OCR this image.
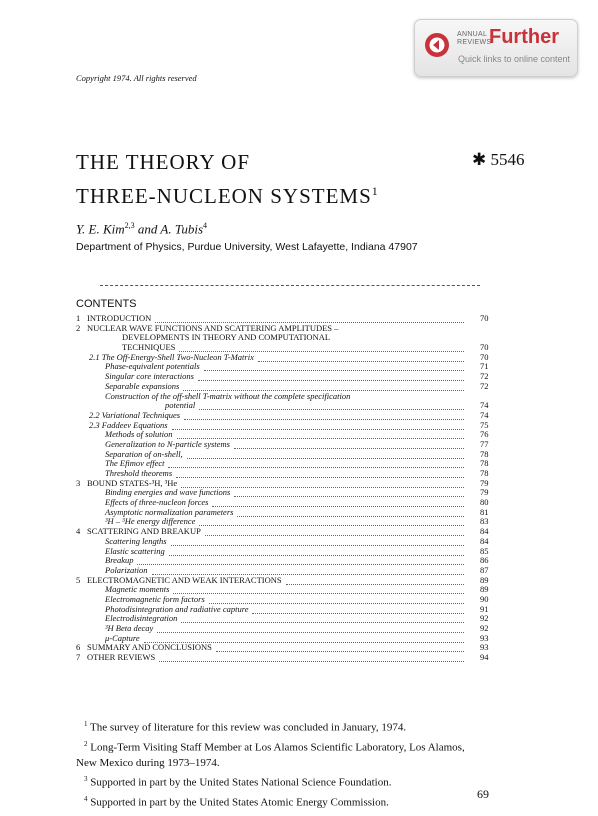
ANNUAL
REVIEWS
Further
Quick links to online content
Copyright 1974. All rights reserved
THE THEORY OF
THREE-NUCLEON SYSTEMS$^1$
✱ 5546
Y. E. Kim$^{2,3}$ and A. Tubis$^4$
Department of Physics, Purdue University, West Lafayette, Indiana 47907
CONTENTS
1 INTRODUCTION	70
2 NUCLEAR WAVE FUNCTIONS AND SCATTERING AMPLITUDES –
DEVELOPMENTS IN THEORY AND COMPUTATIONAL
TECHNIQUES	70
2.1 The Off-Energy-Shell Two-Nucleon T-Matrix	70
Phase-equivalent potentials	71
Singular core interactions	72
Separable expansions	72
Construction of the off-shell T-matrix without the complete specification
potential	74
2.2 Variational Techniques	74
2.3 Faddeev Equations	75
Methods of solution	76
Generalization to N-particle systems	77
Separation of on-shell,	78
The Efimov effect	78
Threshold theorems	78
3 BOUND STATES-³H, ³He	79
Binding energies and wave functions	79
Effects of three-nucleon forces	80
Asymptotic normalization parameters	81
³H – ³He energy difference	83
4 SCATTERING AND BREAKUP	84
Scattering lengths	84
Elastic scattering	85
Breakup	86
Polarization	87
5 ELECTROMAGNETIC AND WEAK INTERACTIONS	89
Magnetic moments	89
Electromagnetic form factors	90
Photodisintegration and radiative capture	91
Electrodisintegration	92
³H Beta decay	92
μ-Capture	93
6 SUMMARY AND CONCLUSIONS	93
7 OTHER REVIEWS	94
$^1$ The survey of literature for this review was concluded in January, 1974.
$^2$ Long-Term Visiting Staff Member at Los Alamos Scientific Laboratory, Los Alamos,
New Mexico during 1973–1974.
$^3$ Supported in part by the United States National Science Foundation.
$^4$ Supported in part by the United States Atomic Energy Commission.
69
